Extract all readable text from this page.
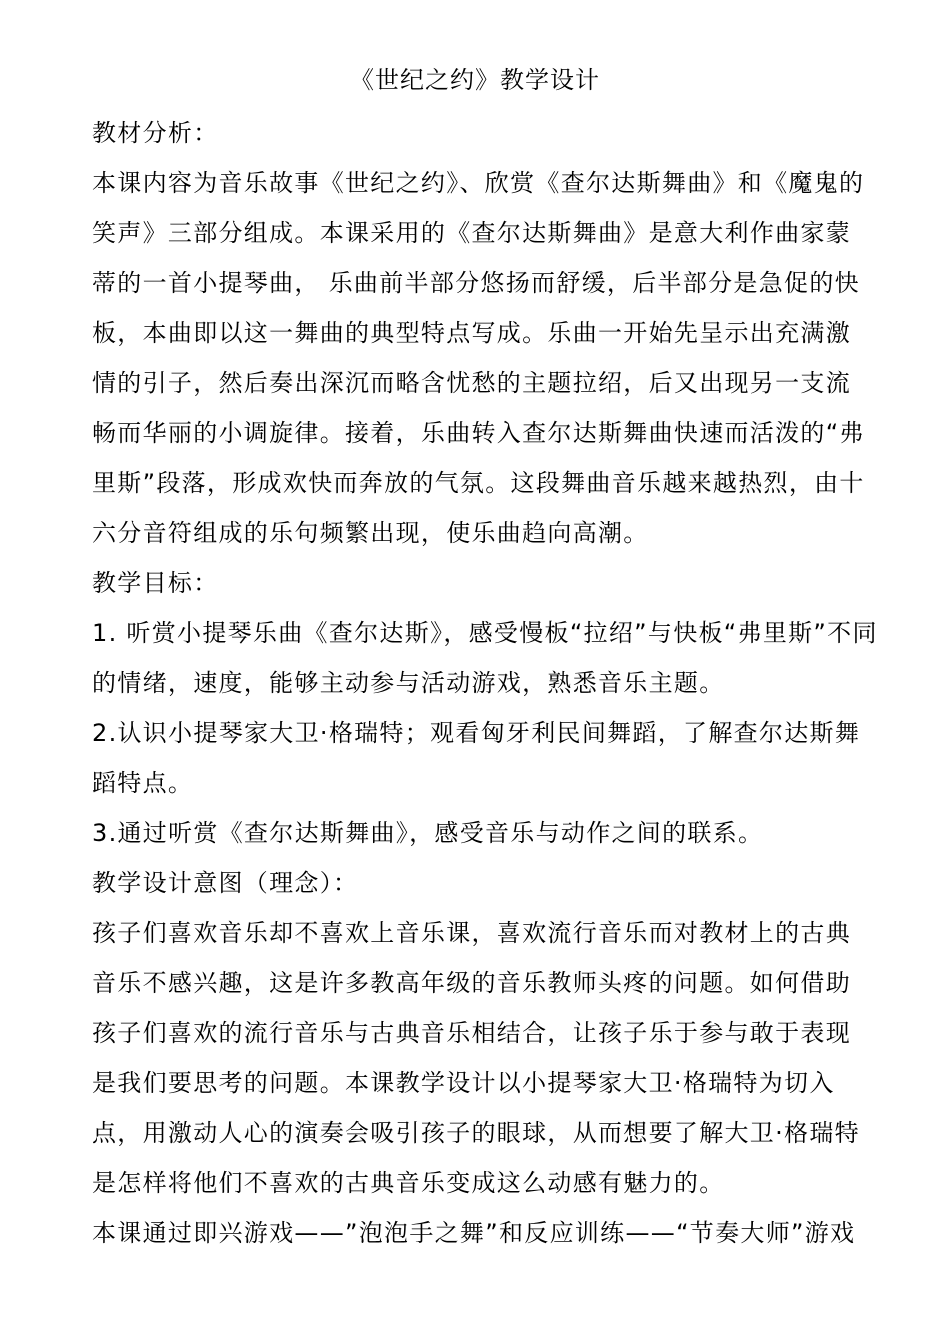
《世纪之约》教学设计
教材分析：
本课内容为音乐故事《世纪之约》、欣赏《查尔达斯舞曲》和《魔鬼的
笑声》三部分组成。本课采用的《查尔达斯舞曲》是意大利作曲家蒙
蒂的一首小提琴曲， 乐曲前半部分悠扬而舒缓，后半部分是急促的快
板，本曲即以这一舞曲的典型特点写成。乐曲一开始先呈示出充满激
情的引子，然后奏出深沉而略含忧愁的主题拉绍，后又出现另一支流
畅而华丽的小调旋律。接着，乐曲转入查尔达斯舞曲快速而活泼的“弗
里斯”段落，形成欢快而奔放的气氛。这段舞曲音乐越来越热烈，由十
六分音符组成的乐句频繁出现，使乐曲趋向高潮。
教学目标：
1. 听赏小提琴乐曲《查尔达斯》，感受慢板“拉绍”与快板“弗里斯”不同
的情绪，速度，能够主动参与活动游戏，熟悉音乐主题。
2.认识小提琴家大卫·格瑞特；观看匈牙利民间舞蹈，了解查尔达斯舞
蹈特点。
3.通过听赏《查尔达斯舞曲》，感受音乐与动作之间的联系。
教学设计意图（理念）：
孩子们喜欢音乐却不喜欢上音乐课，喜欢流行音乐而对教材上的古典
音乐不感兴趣，这是许多教高年级的音乐教师头疼的问题。如何借助
孩子们喜欢的流行音乐与古典音乐相结合，让孩子乐于参与敢于表现
是我们要思考的问题。本课教学设计以小提琴家大卫·格瑞特为切入
点，用激动人心的演奏会吸引孩子的眼球，从而想要了解大卫·格瑞特
是怎样将他们不喜欢的古典音乐变成这么动感有魅力的。
本课通过即兴游戏——”泡泡手之舞”和反应训练——“节奏大师”游戏
